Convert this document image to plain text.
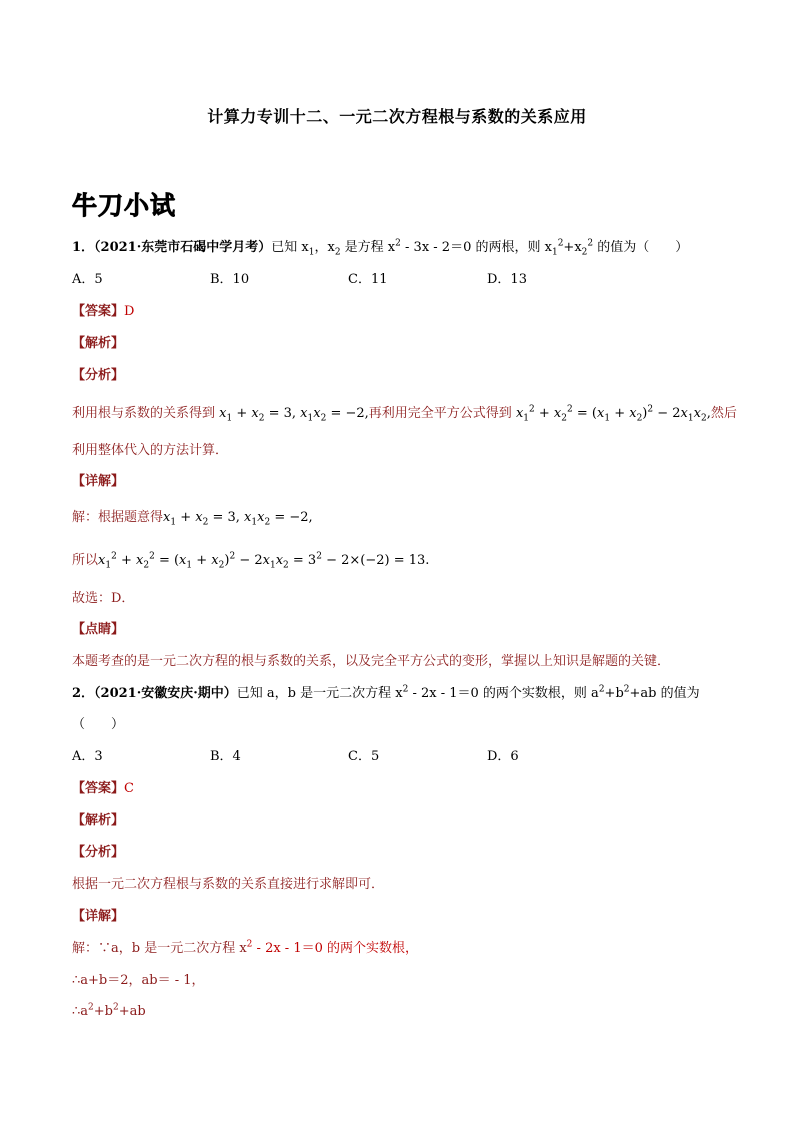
计算力专训十二、一元二次方程根与系数的关系应用
牛刀小试
1．（2021·东莞市石碣中学月考）已知 $x_1$，$x_2$ 是方程 $x^2 - 3x - 2=0$ 的两根，则 $x_1^2+x_2^2$ 的值为（　　）
A．5	B．10	C．11	D．13
【答案】D
【解析】
【分析】
利用根与系数的关系得到 $x_1 + x_2 = 3$, $x_1x_2 = -2$,再利用完全平方公式得到 $x_1^2 + x_2^2 = (x_1 + x_2)^2 - 2x_1x_2$,然后
利用整体代入的方法计算．
【详解】
解：根据题意得$x_1 + x_2 = 3$, $x_1x_2 = -2$,
所以$x_1^2 + x_2^2 = (x_1 + x_2)^2 - 2x_1x_2 = 3^2 - 2\times(-2) = 13$.
故选：D．
【点睛】
本题考查的是一元二次方程的根与系数的关系，以及完全平方公式的变形，掌握以上知识是解题的关键．
2．（2021·安徽安庆·期中）已知 a，b 是一元二次方程 $x^2 - 2x - 1=0$ 的两个实数根，则 $a^2+b^2+ab$ 的值为
（　　）
A．3	B．4	C．5	D．6
【答案】C
【解析】
【分析】
根据一元二次方程根与系数的关系直接进行求解即可．
【详解】
解：∵a，b 是一元二次方程 $x^2 - 2x - 1=0$ 的两个实数根，
∴a+b＝2，ab＝ - 1，
$\therefore a^2+b^2+ab$
